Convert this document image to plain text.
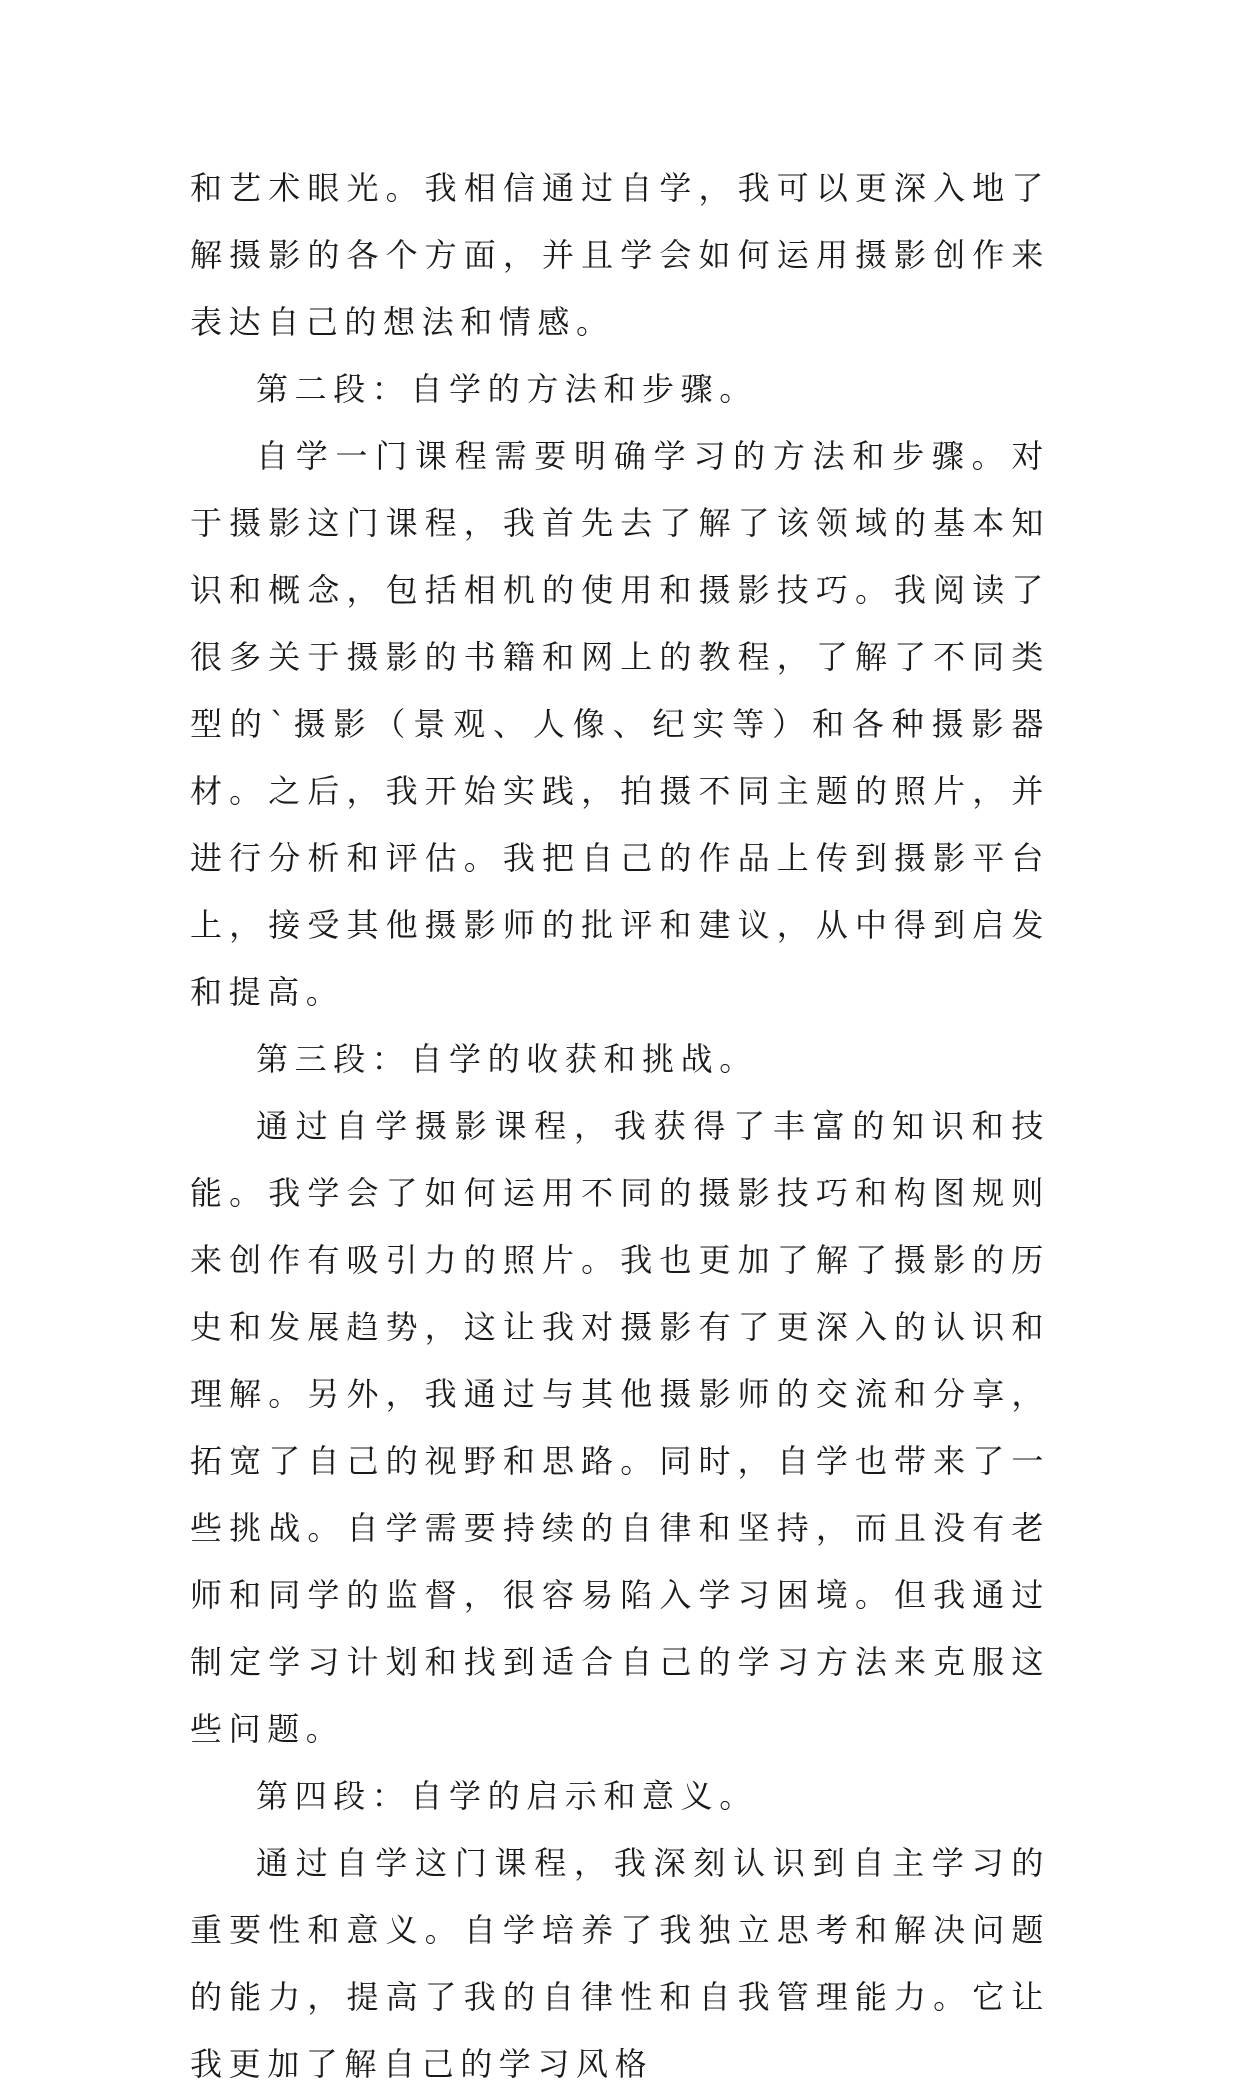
和艺术眼光。我相信通过自学，我可以更深入地了解摄影的各个方面，并且学会如何运用摄影创作来表达自己的想法和情感。

第二段：自学的方法和步骤。

自学一门课程需要明确学习的方法和步骤。对于摄影这门课程，我首先去了解了该领域的基本知识和概念，包括相机的使用和摄影技巧。我阅读了很多关于摄影的书籍和网上的教程，了解了不同类型的`摄影（景观、人像、纪实等）和各种摄影器材。之后，我开始实践，拍摄不同主题的照片，并进行分析和评估。我把自己的作品上传到摄影平台上，接受其他摄影师的批评和建议，从中得到启发和提高。

第三段：自学的收获和挑战。

通过自学摄影课程，我获得了丰富的知识和技能。我学会了如何运用不同的摄影技巧和构图规则来创作有吸引力的照片。我也更加了解了摄影的历史和发展趋势，这让我对摄影有了更深入的认识和理解。另外，我通过与其他摄影师的交流和分享，拓宽了自己的视野和思路。同时，自学也带来了一些挑战。自学需要持续的自律和坚持，而且没有老师和同学的监督，很容易陷入学习困境。但我通过制定学习计划和找到适合自己的学习方法来克服这些问题。

第四段：自学的启示和意义。

通过自学这门课程，我深刻认识到自主学习的重要性和意义。自学培养了我独立思考和解决问题的能力，提高了我的自律性和自我管理能力。它让我更加了解自己的学习风格
